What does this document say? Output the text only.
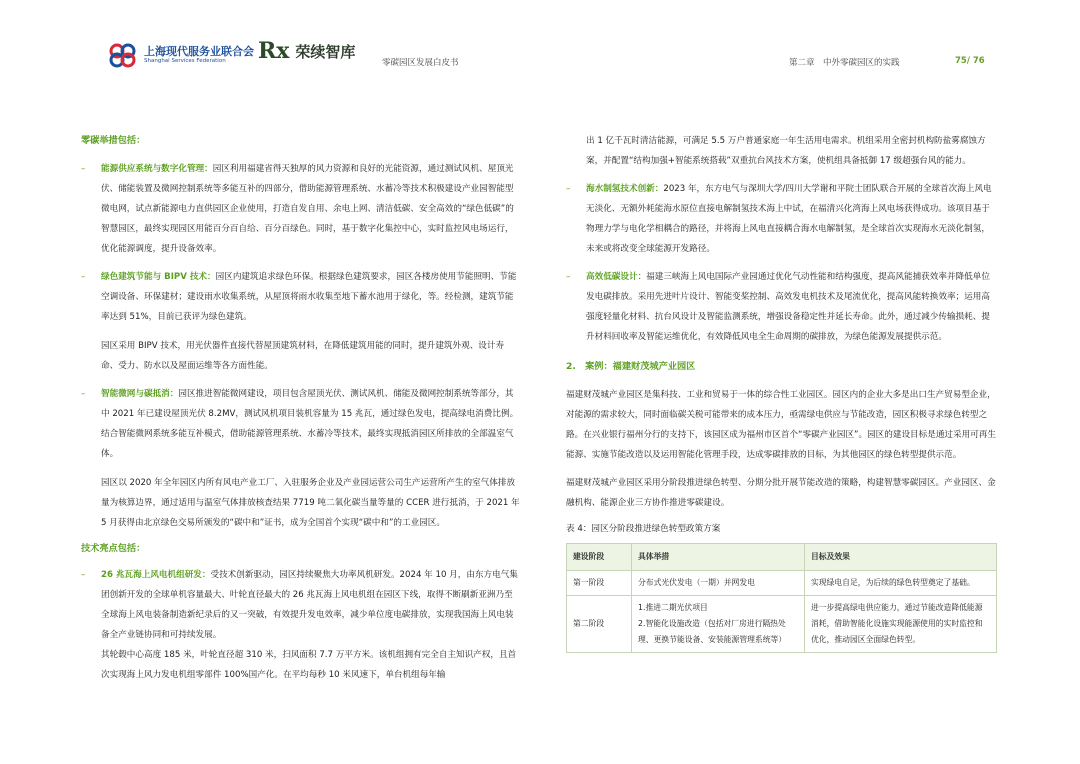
上海现代服务业联合会
Shanghai Services Federation	Rx 荣续智库
零碳园区发展白皮书	第二章　中外零碳园区的实践	75/ 76

零碳举措包括：

– 能源供应系统与数字化管理：园区利用福建省得天独厚的风力资源和良好的光能资源，通过测试风机、屋顶光伏、储能装置及微网控制系统等多能互补的四部分，借助能源管理系统、水蓄冷等技术积极建设产业园智能型微电网，试点新能源电力直供园区企业使用，打造自发自用、余电上网、清洁低碳、安全高效的“绿色低碳”的智慧园区，最终实现园区用能百分百自给、百分百绿色。同时，基于数字化集控中心，实时监控风电场运行，优化能源调度，提升设备效率。
– 绿色建筑节能与 BIPV 技术：园区内建筑追求绿色环保。根据绿色建筑要求，园区各楼房使用节能照明、节能空调设备、环保建材；建设雨水收集系统，从屋顶将雨水收集至地下蓄水池用于绿化，等。经检测，建筑节能率达到 51%，目前已获评为绿色建筑。

园区采用 BIPV 技术，用光伏器件直接代替屋顶建筑材料，在降低建筑用能的同时，提升建筑外观、设计寿命、受力、防水以及屋面运维等各方面性能。

– 智能微网与碳抵消：园区推进智能微网建设，项目包含屋顶光伏、测试风机、储能及微网控制系统等部分，其中 2021 年已建设屋顶光伏 8.2MV，测试风机项目装机容量为 15 兆瓦，通过绿色发电，提高绿电消费比例。结合智能微网系统多能互补模式，借助能源管理系统、水蓄冷等技术，最终实现抵消园区所排放的全部温室气体。

园区以 2020 年全年园区内所有风电产业工厂、入驻服务企业及产业园运营公司生产运营所产生的室气体排放量为核算边界，通过适用与温室气体排放核查结果 7719 吨二氧化碳当量等量的 CCER 进行抵消，于 2021 年 5 月获得由北京绿色交易所颁发的“碳中和”证书，成为全国首个实现“碳中和”的工业园区。

技术亮点包括：

– 26 兆瓦海上风电机组研发：受技术创新驱动，园区持续聚焦大功率风机研发。2024 年 10 月，由东方电气集团创新开发的全球单机容量最大、叶轮直径最大的 26 兆瓦海上风电机组在园区下线，取得不断刷新亚洲乃至全球海上风电装备制造新纪录后的又一突破，有效提升发电效率，减少单位度电碳排放，实现我国海上风电装备全产业链协同和可持续发展。

其轮毂中心高度 185 米，叶轮直径超 310 米，扫风面积 7.7 万平方米。该机组拥有完全自主知识产权，且首次实现海上风力发电机组零部件 100%国产化。在平均每秒 10 米风速下，单台机组每年输

出 1 亿千瓦时清洁能源，可满足 5.5 万户普通家庭一年生活用电需求。机组采用全密封机构防盐雾腐蚀方案，并配置“结构加强+智能系统搭载”双重抗台风技术方案，使机组具备抵御 17 级超强台风的能力。

– 海水制氢技术创新：2023 年，东方电气与深圳大学/四川大学谢和平院士团队联合开展的全球首次海上风电无淡化、无额外耗能海水原位直接电解制氢技术海上中试，在福清兴化湾海上风电场获得成功。该项目基于物理力学与电化学相耦合的路径，并将海上风电直接耦合海水电解制氢，是全球首次实现海水无淡化制氢，未来或将改变全球能源开发路径。
– 高效低碳设计：福建三峡海上风电国际产业园通过优化气动性能和结构强度，提高风能捕获效率并降低单位发电碳排放。采用先进叶片设计、智能变桨控制、高效发电机技术及尾流优化，提高风能转换效率；运用高强度轻量化材料、抗台风设计及智能监测系统，增强设备稳定性并延长寿命。此外，通过减少传输损耗、提升材料回收率及智能运维优化，有效降低风电全生命周期的碳排放，为绿色能源发展提供示范。

2.　案例：福建财茂城产业园区

福建财茂城产业园区是集科技、工业和贸易于一体的综合性工业园区。园区内的企业大多是出口生产贸易型企业，对能源的需求较大，同时面临碳关税可能带来的成本压力，亟需绿电供应与节能改造，园区积极寻求绿色转型之路。在兴业银行福州分行的支持下，该园区成为福州市区首个“零碳产业园区”。园区的建设目标是通过采用可再生能源、实施节能改造以及运用智能化管理手段，达成零碳排放的目标，为其他园区的绿色转型提供示范。

福建财茂城产业园区采用分阶段推进绿色转型、分期分批开展节能改造的策略，构建智慧零碳园区。产业园区、金融机构、能源企业三方协作推进零碳建设。

表 4：园区分阶段推进绿色转型政策方案

建设阶段	具体举措	目标及效果
第一阶段	分布式光伏发电（一期）并网发电	实现绿电自足，为后续的绿色转型奠定了基础。
第二阶段	1.推进二期光伏项目
2.智能化设施改造（包括对厂房进行隔热处理、更换节能设备、安装能源管理系统等）	进一步提高绿电供应能力，通过节能改造降低能源消耗，借助智能化设施实现能源使用的实时监控和优化，推动园区全面绿色转型。
